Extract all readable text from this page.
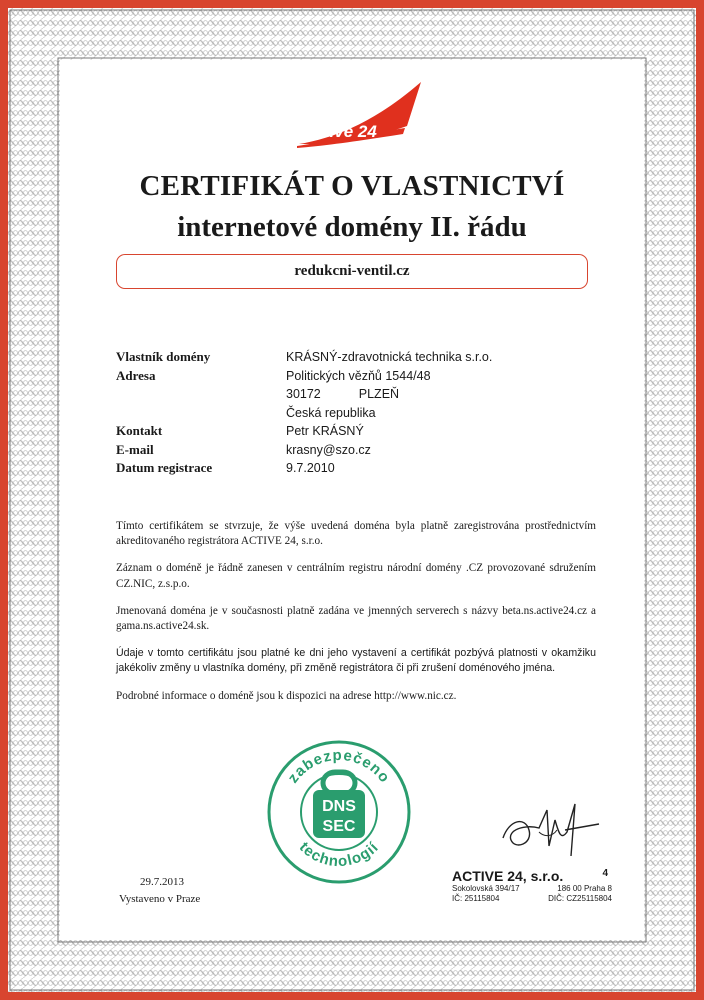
active 24
CERTIFIKÁT O VLASTNICTVÍ
internetové domény II. řádu
redukcni-ventil.cz
Vlastník domény	KRÁSNÝ-zdravotnická technika s.r.o.
Adresa	Politických vězňů 1544/48
30172	PLZEŇ
Česká republika
Kontakt	Petr KRÁSNÝ
E-mail	krasny@szo.cz
Datum registrace	9.7.2010

Tímto certifikátem se stvrzuje, že výše uvedená doména byla platně zaregistrována prostřednictvím akreditovaného registrátora ACTIVE 24, s.r.o.

Záznam o doméně je řádně zanesen v centrálním registru národní domény .CZ provozované sdružením CZ.NIC, z.s.p.o.

Jmenovaná doména je v současnosti platně zadána ve jmenných serverech s názvy beta.ns.active24.cz a gama.ns.active24.sk.

Údaje v tomto certifikátu jsou platné ke dni jeho vystavení a certifikát pozbývá platnosti v okamžiku jakékoliv změny u vlastníka domény, při změně registrátora či při zrušení doménového jména.

Podrobné informace o doméně jsou k dispozici na adrese http://www.nic.cz.

zabezpečeno
technologií
DNS
SEC
29.7.2013
Vystaveno v Praze
ACTIVE 24, s.r.o.	4
Sokolovská 394/17	186 00 Praha 8
IČ: 25115804	DIČ: CZ25115804
